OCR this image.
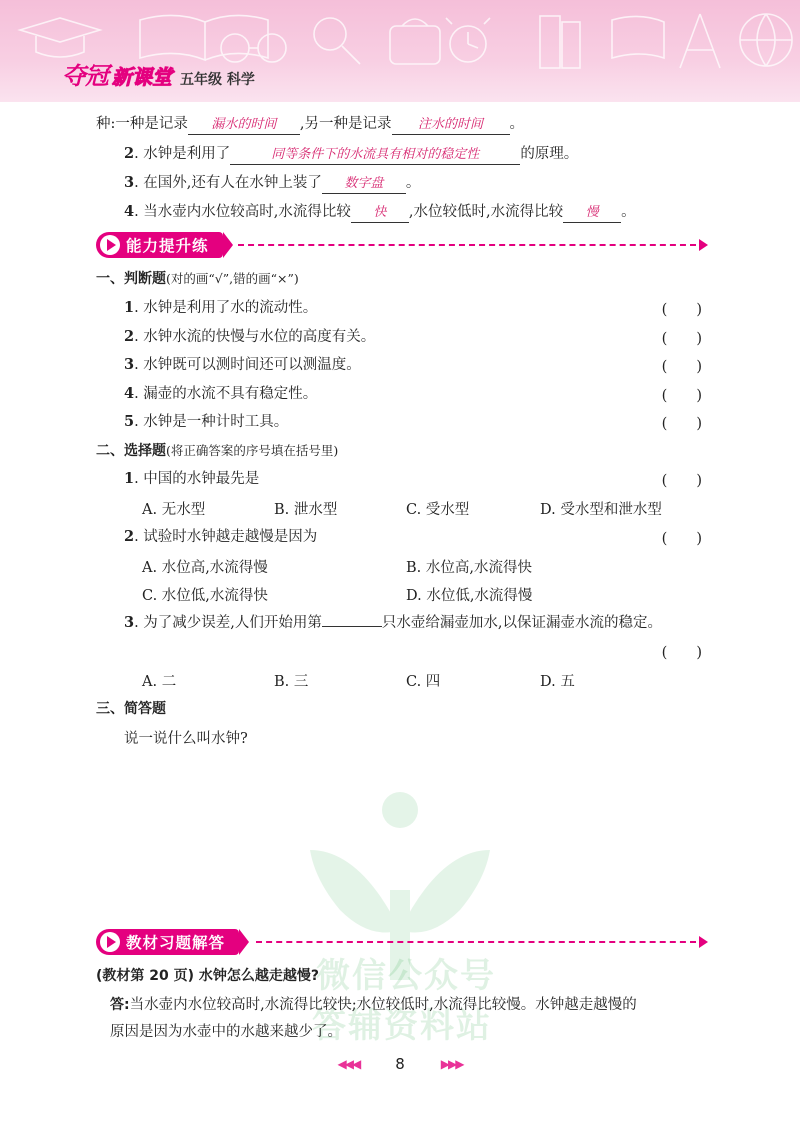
夺冠 新课堂 五年级 科学
种:一种是记录 漏水的时间 ,另一种是记录 注水的时间 。
2. 水钟是利用了	同等条件下的水流具有相对的稳定性	的原理。
3. 在国外,还有人在水钟上装了 数字盘 。
4. 当水壶内水位较高时,水流得比较 快 ,水位较低时,水流得比较 慢 。
能力提升练
一、判断题(对的画“√”,错的画“×”)
1. 水钟是利用了水的流动性。	(　　)
2. 水钟水流的快慢与水位的高度有关。	(　　)
3. 水钟既可以测时间还可以测温度。	(　　)
4. 漏壶的水流不具有稳定性。	(　　)
5. 水钟是一种计时工具。	(　　)
二、选择题(将正确答案的序号填在括号里)
1. 中国的水钟最先是	(　　)
A. 无水型	B. 泄水型	C. 受水型	D. 受水型和泄水型
2. 试验时水钟越走越慢是因为	(　　)
A. 水位高,水流得慢	B. 水位高,水流得快
C. 水位低,水流得快	D. 水位低,水流得慢
3. 为了减少误差,人们开始用第	只水壶给漏壶加水,以保证漏壶水流的稳定。
(　　)
A. 二	B. 三	C. 四	D. 五
三、简答题
说一说什么叫水钟?
微信公众号
答辅资料站
教材习题解答
(教材第 20 页) 水钟怎么越走越慢?
答:当水壶内水位较高时,水流得比较快;水位较低时,水流得比较慢。水钟越走越慢的
原因是因为水壶中的水越来越少了。
◀◀◀ 8	▶▶▶
